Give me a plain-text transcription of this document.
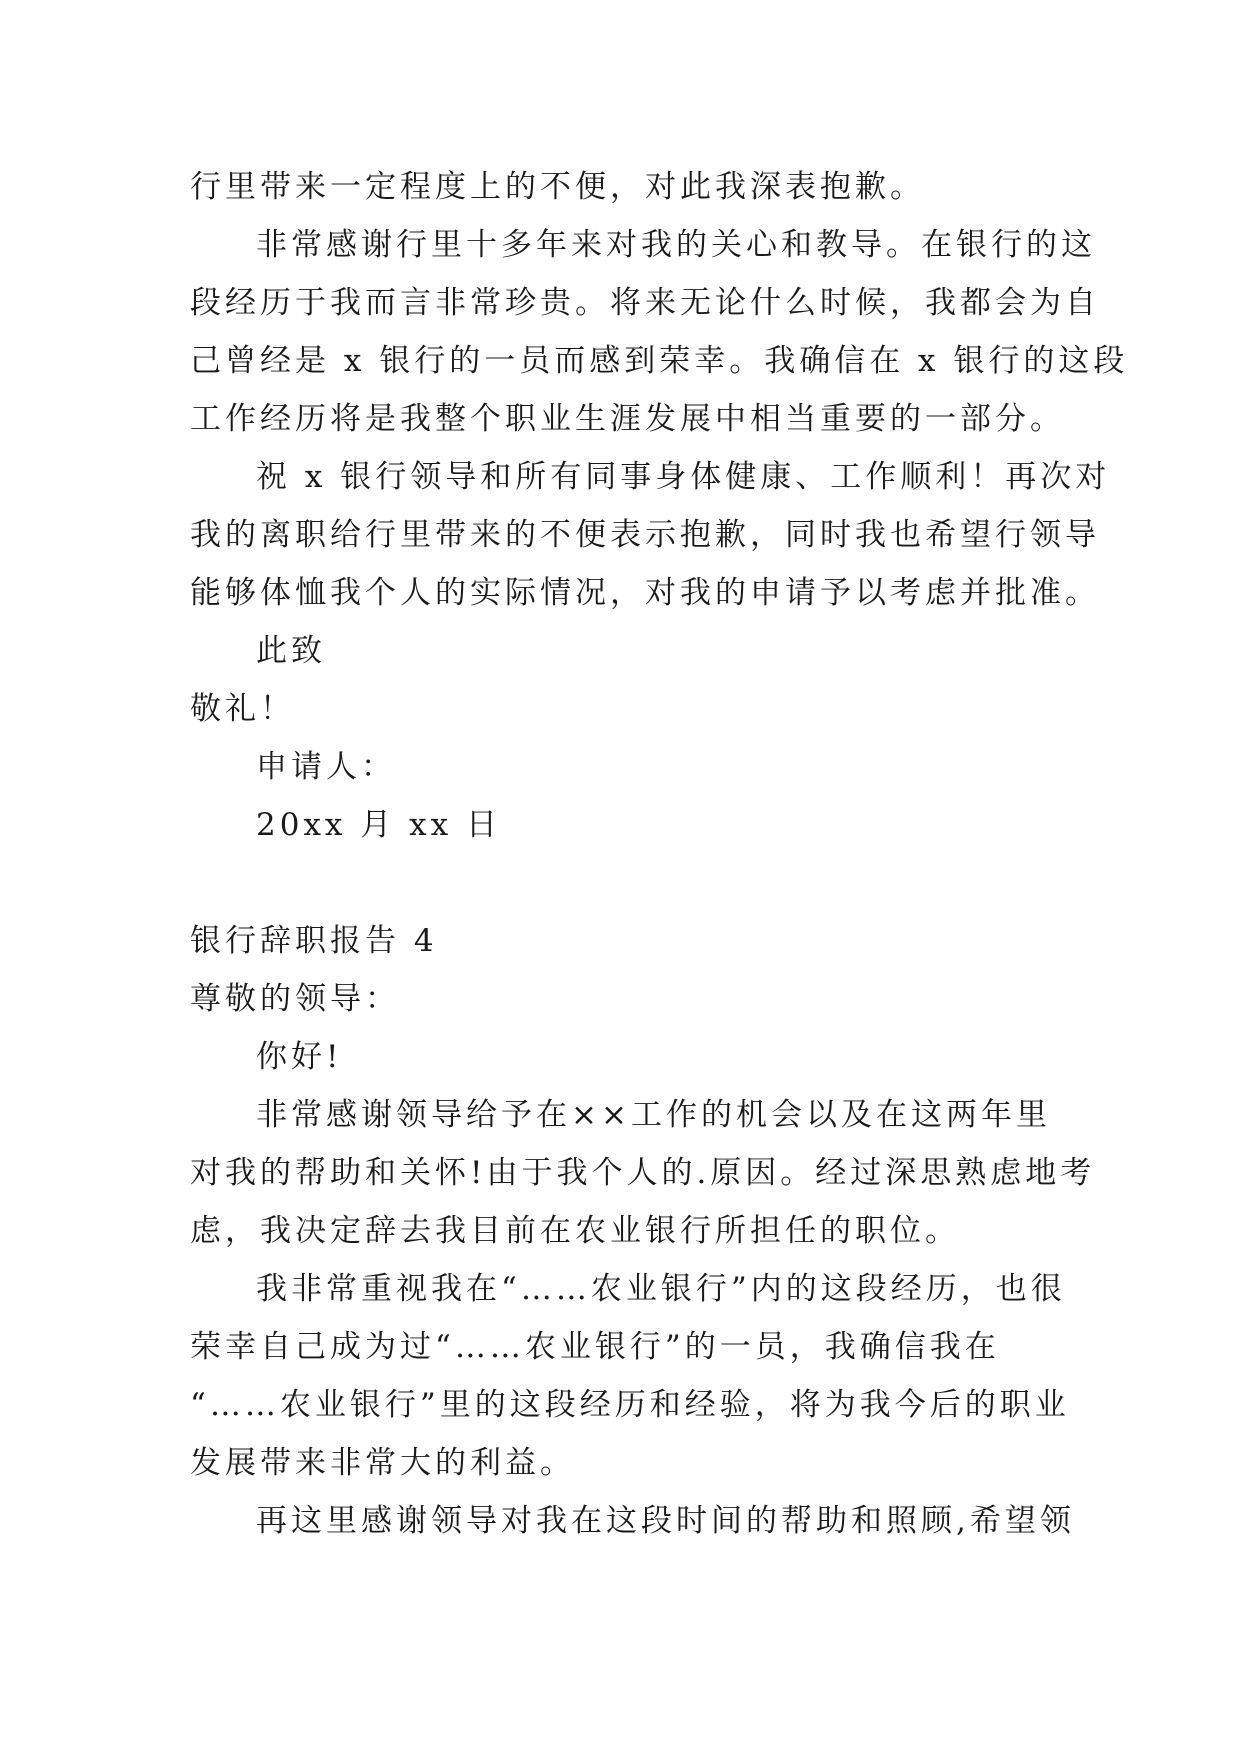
行里带来一定程度上的不便，对此我深表抱歉。

非常感谢行里十多年来对我的关心和教导。在银行的这

段经历于我而言非常珍贵。将来无论什么时候，我都会为自

己曾经是 x 银行的一员而感到荣幸。我确信在 x 银行的这段

工作经历将是我整个职业生涯发展中相当重要的一部分。

祝 x 银行领导和所有同事身体健康、工作顺利！再次对

我的离职给行里带来的不便表示抱歉，同时我也希望行领导

能够体恤我个人的实际情况，对我的申请予以考虑并批准。

此致

敬礼！

申请人：

20xx 月 xx 日

银行辞职报告 4

尊敬的领导：

你好!

非常感谢领导给予在××工作的机会以及在这两年里

对我的帮助和关怀!由于我个人的.原因。经过深思熟虑地考

虑，我决定辞去我目前在农业银行所担任的职位。

我非常重视我在“……农业银行”内的这段经历，也很

荣幸自己成为过“……农业银行”的一员，我确信我在

“……农业银行”里的这段经历和经验，将为我今后的职业

发展带来非常大的利益。

再这里感谢领导对我在这段时间的帮助和照顾,希望领
